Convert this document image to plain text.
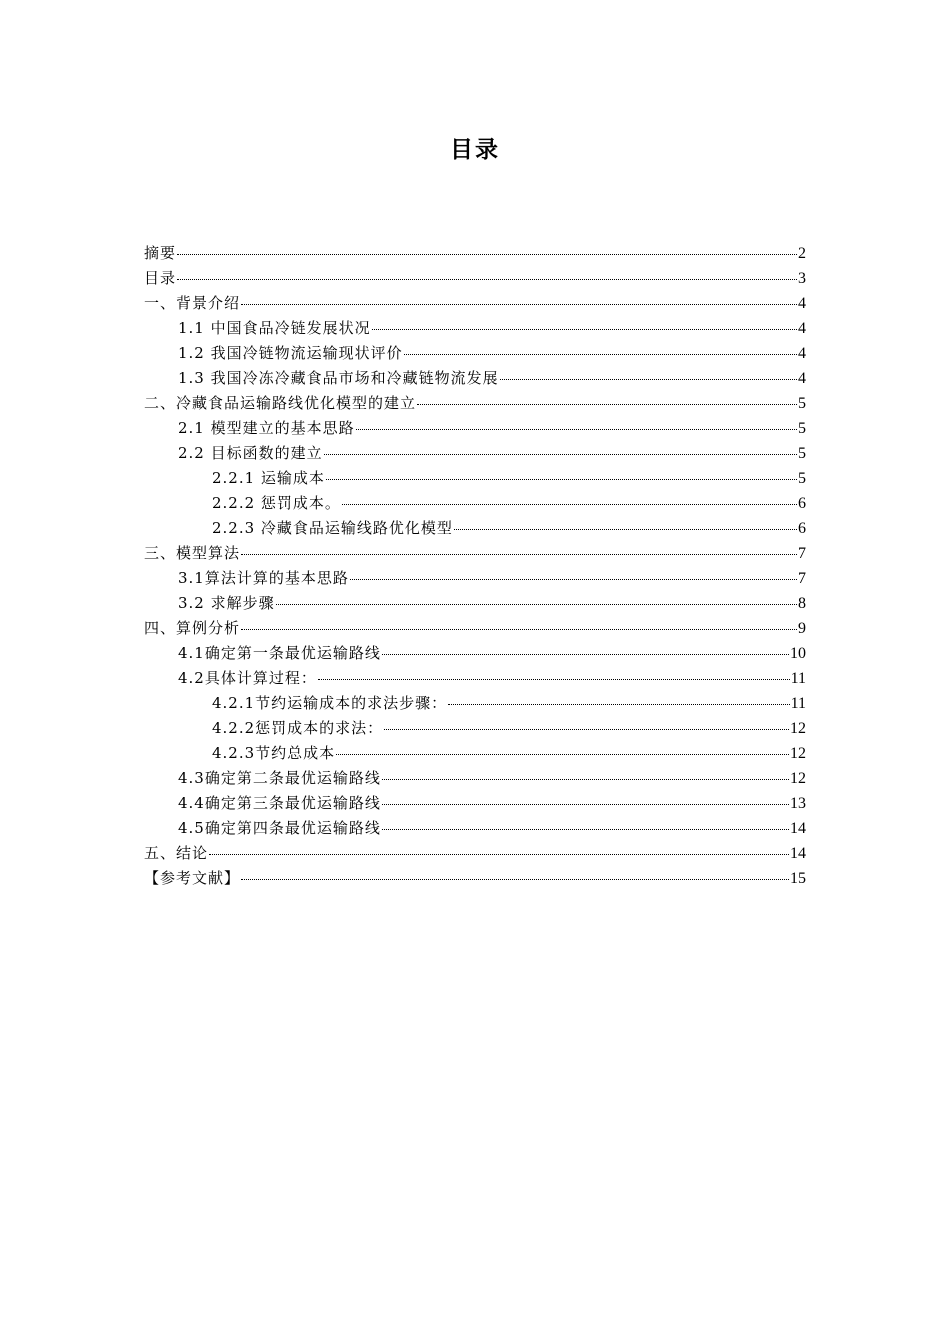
目录
摘要	2
目录	3
一、背景介绍	4
1.1 中国食品冷链发展状况	4
1.2 我国冷链物流运输现状评价	4
1.3 我国冷冻冷藏食品市场和冷藏链物流发展	4
二、冷藏食品运输路线优化模型的建立	5
2.1 模型建立的基本思路	5
2.2 目标函数的建立	5
2.2.1 运输成本	5
2.2.2 惩罚成本。	6
2.2.3 冷藏食品运输线路优化模型	6
三、模型算法	7
3.1算法计算的基本思路	7
3.2 求解步骤	8
四、算例分析	9
4.1确定第一条最优运输路线	10
4.2具体计算过程：	11
4.2.1节约运输成本的求法步骤：	11
4.2.2惩罚成本的求法：	12
4.2.3节约总成本	12
4.3确定第二条最优运输路线	12
4.4确定第三条最优运输路线	13
4.5确定第四条最优运输路线	14
五、结论	14
【参考文献】	15
